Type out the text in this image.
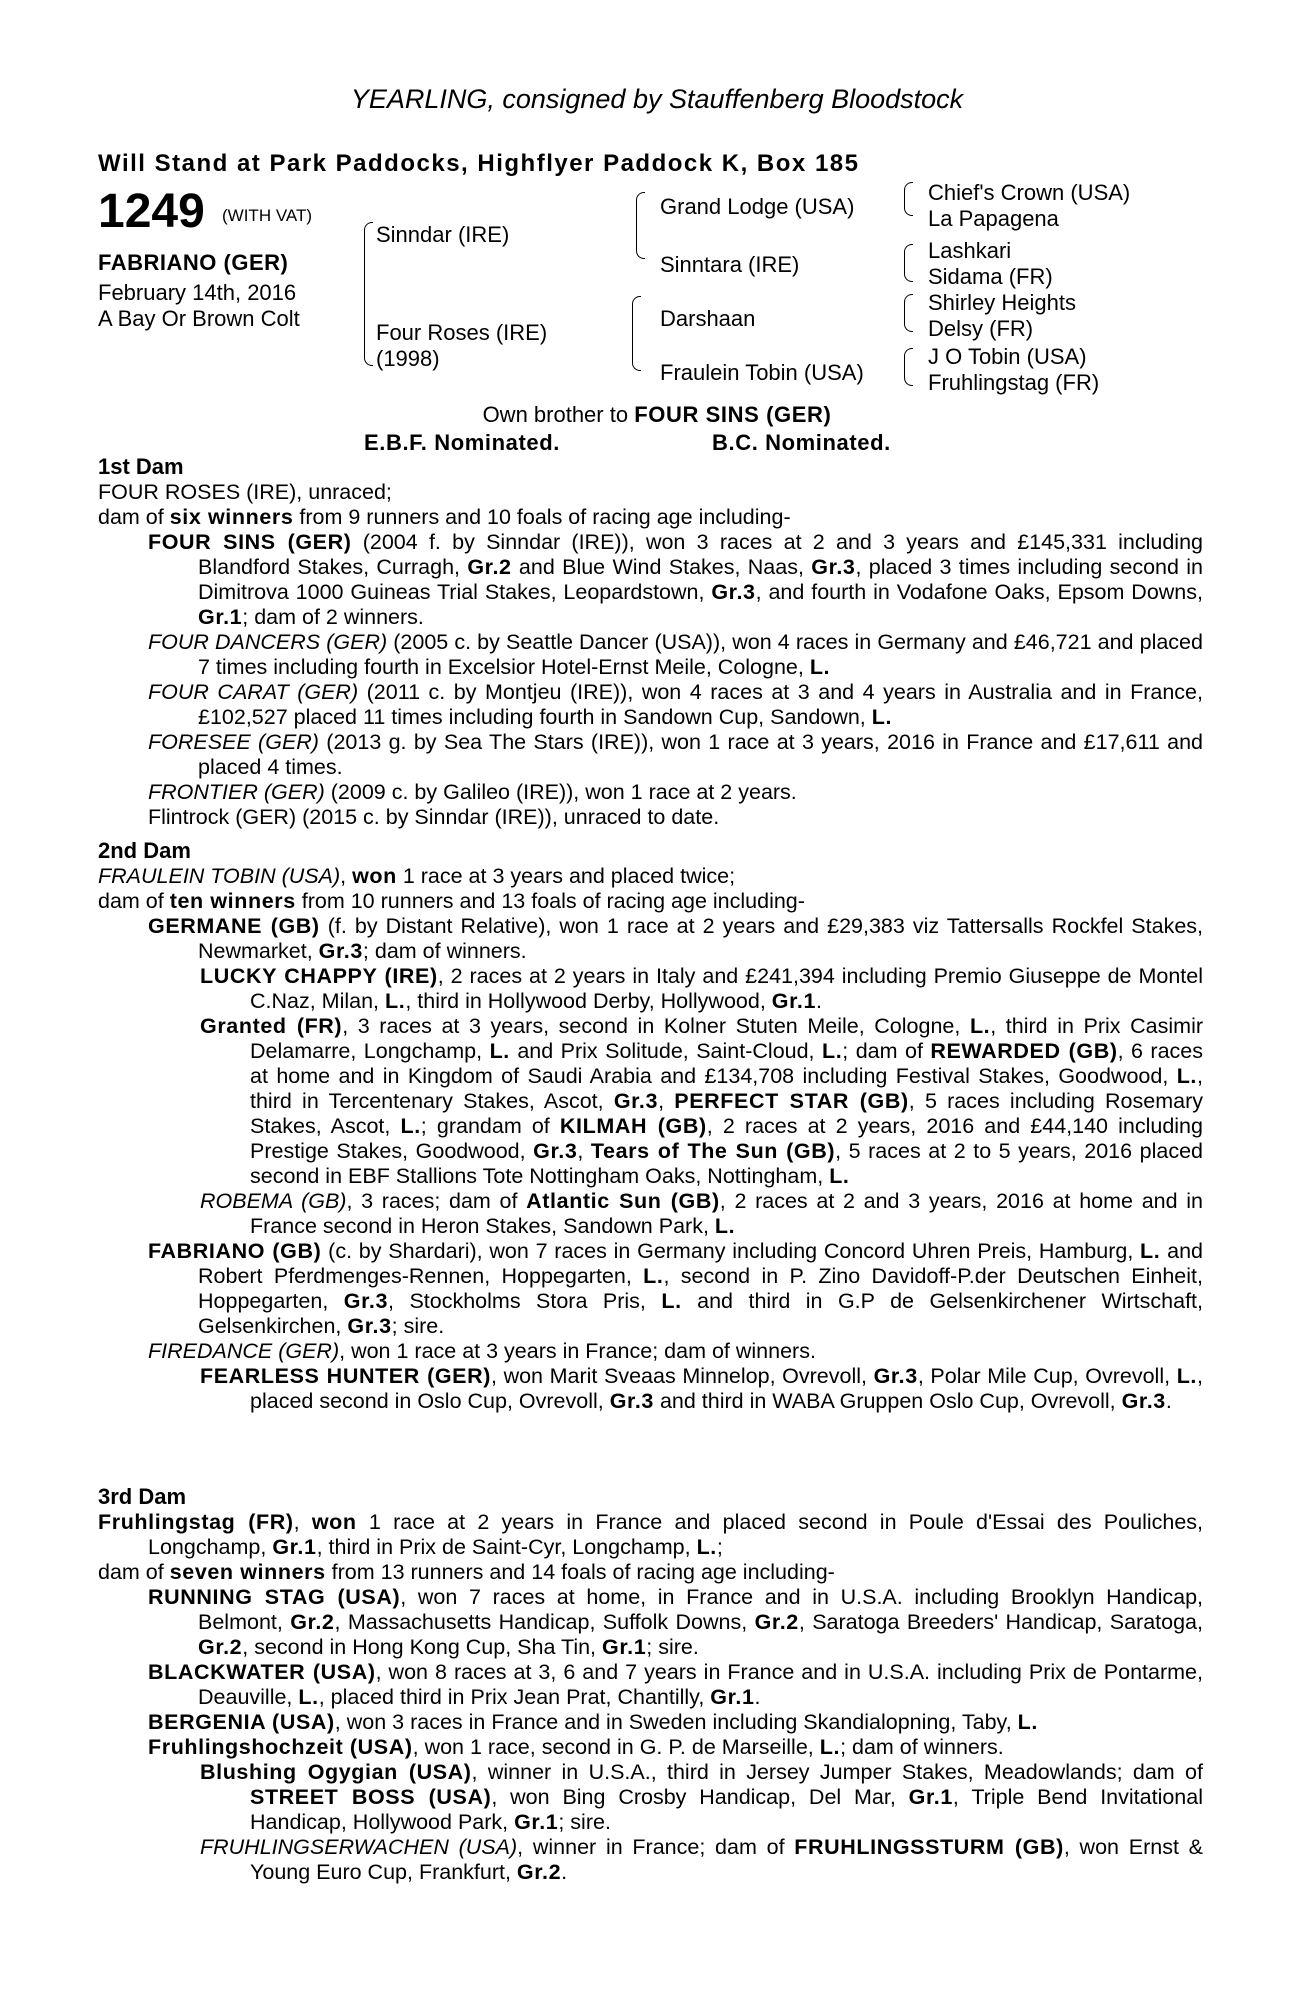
YEARLING, consigned by Stauffenberg Bloodstock
Will Stand at Park Paddocks, Highflyer Paddock K, Box 185
1249 (WITH VAT)
FABRIANO (GER)
February 14th, 2016
A Bay Or Brown Colt
Sinndar (IRE)
Four Roses (IRE)
(1998)
Grand Lodge (USA)
Sinntara (IRE)
Darshaan
Fraulein Tobin (USA)
Chief's Crown (USA)
La Papagena
Lashkari
Sidama (FR)
Shirley Heights
Delsy (FR)
J O Tobin (USA)
Fruhlingstag (FR)
Own brother to FOUR SINS (GER)
E.B.F. Nominated.	B.C. Nominated.
1st Dam

FOUR ROSES (IRE), unraced;

dam of six winners from 9 runners and 10 foals of racing age including-

FOUR SINS (GER) (2004 f. by Sinndar (IRE)), won 3 races at 2 and 3 years and £145,331 including Blandford Stakes, Curragh, Gr.2 and Blue Wind Stakes, Naas, Gr.3, placed 3 times including second in Dimitrova 1000 Guineas Trial Stakes, Leopardstown, Gr.3, and fourth in Vodafone Oaks, Epsom Downs, Gr.1; dam of 2 winners.

FOUR DANCERS (GER) (2005 c. by Seattle Dancer (USA)), won 4 races in Germany and £46,721 and placed 7 times including fourth in Excelsior Hotel-Ernst Meile, Cologne, L.

FOUR CARAT (GER) (2011 c. by Montjeu (IRE)), won 4 races at 3 and 4 years in Australia and in France, £102,527 placed 11 times including fourth in Sandown Cup, Sandown, L.

FORESEE (GER) (2013 g. by Sea The Stars (IRE)), won 1 race at 3 years, 2016 in France and £17,611 and placed 4 times.

FRONTIER (GER) (2009 c. by Galileo (IRE)), won 1 race at 2 years.

Flintrock (GER) (2015 c. by Sinndar (IRE)), unraced to date.

2nd Dam

FRAULEIN TOBIN (USA), won 1 race at 3 years and placed twice;

dam of ten winners from 10 runners and 13 foals of racing age including-

GERMANE (GB) (f. by Distant Relative), won 1 race at 2 years and £29,383 viz Tattersalls Rockfel Stakes, Newmarket, Gr.3; dam of winners.

LUCKY CHAPPY (IRE), 2 races at 2 years in Italy and £241,394 including Premio Giuseppe de Montel C.Naz, Milan, L., third in Hollywood Derby, Hollywood, Gr.1.

Granted (FR), 3 races at 3 years, second in Kolner Stuten Meile, Cologne, L., third in Prix Casimir Delamarre, Longchamp, L. and Prix Solitude, Saint-Cloud, L.; dam of REWARDED (GB), 6 races at home and in Kingdom of Saudi Arabia and £134,708 including Festival Stakes, Goodwood, L., third in Tercentenary Stakes, Ascot, Gr.3, PERFECT STAR (GB), 5 races including Rosemary Stakes, Ascot, L.; grandam of KILMAH (GB), 2 races at 2 years, 2016 and £44,140 including Prestige Stakes, Goodwood, Gr.3, Tears of The Sun (GB), 5 races at 2 to 5 years, 2016 placed second in EBF Stallions Tote Nottingham Oaks, Nottingham, L.

ROBEMA (GB), 3 races; dam of Atlantic Sun (GB), 2 races at 2 and 3 years, 2016 at home and in France second in Heron Stakes, Sandown Park, L.

FABRIANO (GB) (c. by Shardari), won 7 races in Germany including Concord Uhren Preis, Hamburg, L. and Robert Pferdmenges-Rennen, Hoppegarten, L., second in P. Zino Davidoff-P.der Deutschen Einheit, Hoppegarten, Gr.3, Stockholms Stora Pris, L. and third in G.P de Gelsenkirchener Wirtschaft, Gelsenkirchen, Gr.3; sire.

FIREDANCE (GER), won 1 race at 3 years in France; dam of winners.

FEARLESS HUNTER (GER), won Marit Sveaas Minnelop, Ovrevoll, Gr.3, Polar Mile Cup, Ovrevoll, L., placed second in Oslo Cup, Ovrevoll, Gr.3 and third in WABA Gruppen Oslo Cup, Ovrevoll, Gr.3.

3rd Dam

Fruhlingstag (FR), won 1 race at 2 years in France and placed second in Poule d'Essai des Pouliches, Longchamp, Gr.1, third in Prix de Saint-Cyr, Longchamp, L.;

dam of seven winners from 13 runners and 14 foals of racing age including-

RUNNING STAG (USA), won 7 races at home, in France and in U.S.A. including Brooklyn Handicap, Belmont, Gr.2, Massachusetts Handicap, Suffolk Downs, Gr.2, Saratoga Breeders' Handicap, Saratoga, Gr.2, second in Hong Kong Cup, Sha Tin, Gr.1; sire.

BLACKWATER (USA), won 8 races at 3, 6 and 7 years in France and in U.S.A. including Prix de Pontarme, Deauville, L., placed third in Prix Jean Prat, Chantilly, Gr.1.

BERGENIA (USA), won 3 races in France and in Sweden including Skandialopning, Taby, L.

Fruhlingshochzeit (USA), won 1 race, second in G. P. de Marseille, L.; dam of winners.

Blushing Ogygian (USA), winner in U.S.A., third in Jersey Jumper Stakes, Meadowlands; dam of STREET BOSS (USA), won Bing Crosby Handicap, Del Mar, Gr.1, Triple Bend Invitational Handicap, Hollywood Park, Gr.1; sire.

FRUHLINGSERWACHEN (USA), winner in France; dam of FRUHLINGSSTURM (GB), won Ernst & Young Euro Cup, Frankfurt, Gr.2.
